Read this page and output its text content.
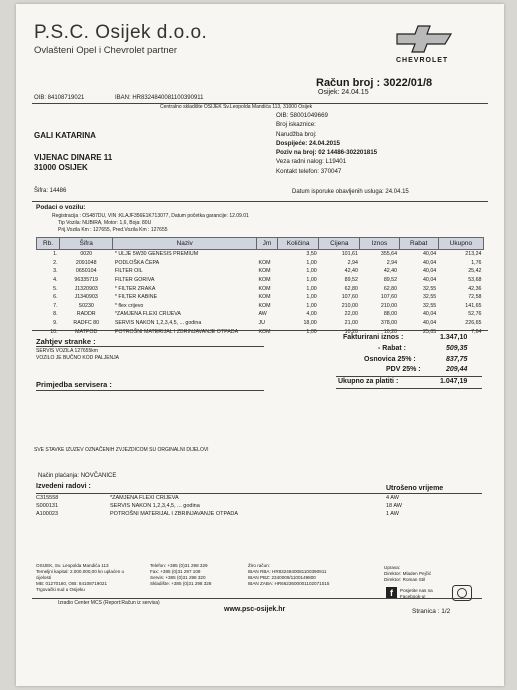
P.S.C. Osijek d.o.o.
Ovlašteni Opel i Chevrolet partner
CHEVROLET
Račun broj : 3022/01/8
Osijek: 24.04.15
OIB: 84108719021	IBAN: HR8324840081100390911
Centralno skladište OSIJEK Sv.Leopolda Mandića 113, 31000 Osijek
OIB: 58001049669
Broj iskaznice:
Narudžba broj:
Dospijeće: 24.04.2015
Poziv na broj: 02 14486-302201815
Veza radni nalog: L19401
Kontakt telefon: 370047
GALI KATARINA
VIJENAC DINARE 11
31000 OSIJEK
Šifra: 14486	Datum isporuke obavljenih usluga: 24.04.15
Podaci o vozilu:
Registracija : OS487DU, VIN :KLAJF356E1K713077, Datum početka garancije: 12.09.01
Tip Vozila: NUBIRA, Motor: 1,6, Boja: 80U
Prij.Vozila Km : 127655, Pred.Vozila Km : 127655
Rb.	Šifra	Naziv	Jm	Količina	Cijena	Iznos	Rabat	Ukupno
1.	0020	* ULJE 5W30 GENESIS PREMIUM		3,50	101,61	355,64	40,04	213,24
2.	2091048	PODLOŠKA ČEPA	KOM	1,00	2,94	2,94	40,04	1,76
3.	0650104	FILTER OIL	KOM	1,00	42,40	42,40	40,04	25,42
4.	96335719	FILTER GORIVA	KOM	1,00	89,52	89,52	40,04	53,68
5.	J1320903	* FILTER ZRAKA	KOM	1,00	62,80	62,80	32,55	42,36
6.	J1340903	* FILTER KABINE	KOM	1,00	107,60	107,60	32,55	72,58
7.	S0230	* flex crijevo	KOM	1,00	210,00	210,00	32,55	141,65
8.	RADDR	*ZAMJENA FLEXI CRIJEVA	AW	4,00	22,00	88,00	40,04	52,76
9.	RADFC 80	SERVIS NAKON 1,2,3,4,5, ... godina	JU	18,00	21,00	378,00	40,04	226,65
10.	MATPOD	POTROŠNI MATERIJAL I ZBRINJAVANJE OTPADA	KOM	1,00	10,20	10,20	25,05	7,64
Zahtjev stranke :
SERVIS VOZILA 127655km
VOZILO JE BUČNO KOD PALJENJA
Fakturirani iznos :	1.347,10
- Rabat :	509,35
Osnovica 25% :	837,75
PDV 25% :	209,44
Ukupno za platiti :	1.047,19
Primjedba servisera :
SVE STAVKE IZUZEV OZNAČENIH ZVJEZDICOM SU ORGINALNI DIJELOVI
Način plaćanja: NOVČANICE
Izvedeni radovi :	Utrošeno vrijeme
C315558	*ZAMJENA FLEXI CRIJEVA	4 AW
S000131	SERVIS NAKON 1,2,3,4,5, ... godina	18 AW
A100023	POTROŠNI MATERIJAL I ZBRINJAVANJE OTPADA	1 AW
OSIJEK, Sv. Leopolda Mandića 113
Temeljni kapital: 2.000.000,00 kn uplaćen u
cijelosti
MB: 01270160, OIB: 84108719021
Trgovački sud u Osijeku
Telefon: +385 (0)31 298 329
Fax: +385 (0)31 297 109
Servis: +385 (0)31 298 320
Skladište: +385 (0)31 298 328
Žiro račun:
IBAN RBA: HR8324840081100390911
IBAN PBZ: 2340009/1100149800
IBAN ZABA: HR6623600001102071015
Uprava:
Direktor: Mladen Pejčić
Direktor: Roman Stil
f	Posjetite nas na Facebook-u!
Izradio Center MCS (Report:Račun iz servisa)
www.psc-osijek.hr	Stranica : 1/2
